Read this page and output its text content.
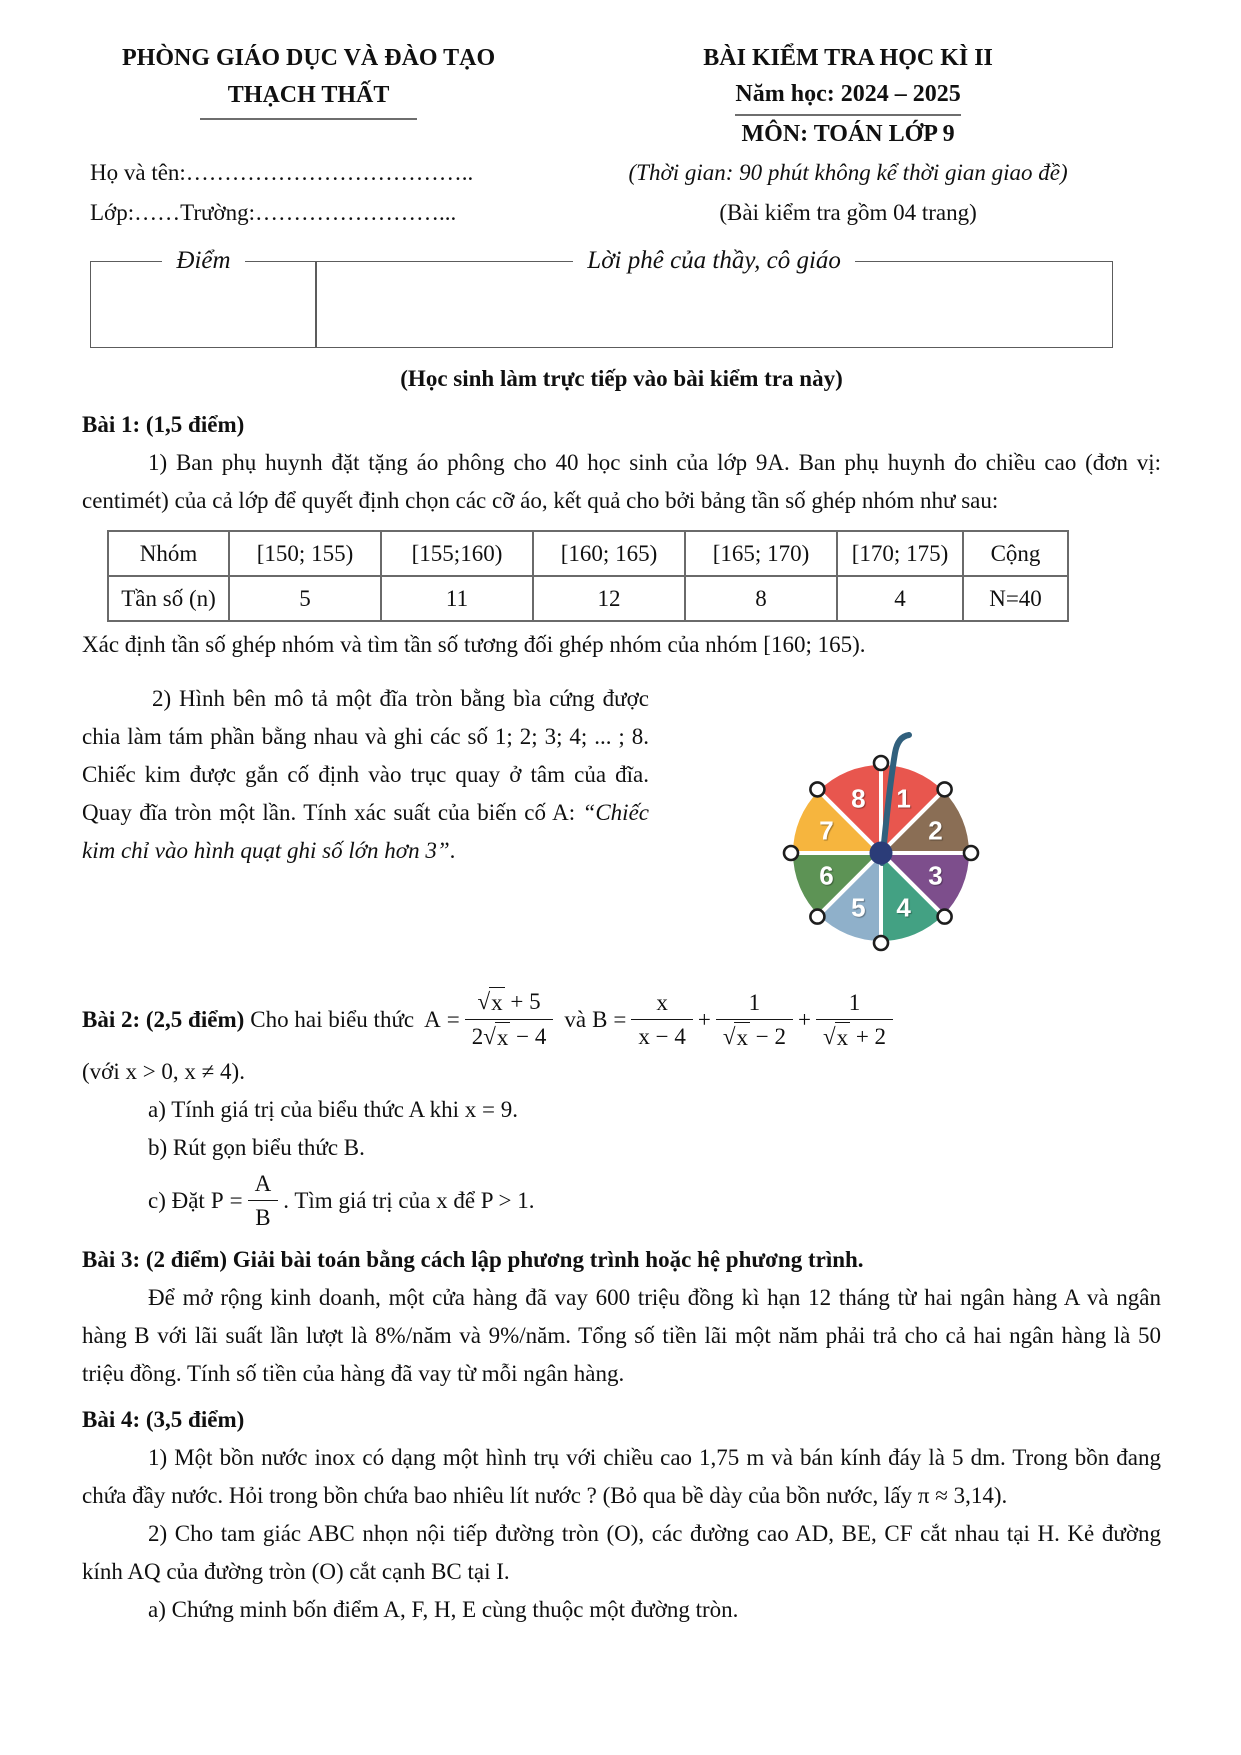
PHÒNG GIÁO DỤC VÀ ĐÀO TẠO
THẠCH THẤT
BÀI KIỂM TRA HỌC KÌ II
Năm học: 2024 – 2025
MÔN: TOÁN LỚP 9
Họ và tên:………………………………..	(Thời gian: 90 phút không kể thời gian giao đề)
Lớp:……Trường:……………………...	(Bài kiểm tra gồm 04 trang)
Điểm	Lời phê của thầy, cô giáo
(Học sinh làm trực tiếp vào bài kiểm tra này)
Bài 1: (1,5 điểm)
1) Ban phụ huynh đặt tặng áo phông cho 40 học sinh của lớp 9A. Ban phụ huynh đo chiều cao (đơn vị: centimét) của cả lớp để quyết định chọn các cỡ áo, kết quả cho bởi bảng tần số ghép nhóm như sau:
Nhóm	[150; 155)	[155;160)	[160; 165)	[165; 170)	[170; 175)	Cộng
Tần số (n)	5	11	12	8	4	N=40
Xác định tần số ghép nhóm và tìm tần số tương đối ghép nhóm của nhóm [160; 165).
2) Hình bên mô tả một đĩa tròn bằng bìa cứng được chia làm tám phần bằng nhau và ghi các số 1; 2; 3; 4; ... ; 8. Chiếc kim được gắn cố định vào trục quay ở tâm của đĩa. Quay đĩa tròn một lần. Tính xác suất của biến cố A: “Chiếc kim chỉ vào hình quạt ghi số lớn hơn 3”.
1
2
3
4
5
6
7
8
Bài 2: (2,5 điểm) Cho hai biểu thức $A = \frac{√ x + 5}{2 √ x - 4}$ và $B = \frac{x}{x - 4} + \frac{1}{√ x - 2} + \frac{1}{√ x + 2}$
(với x > 0, x ≠ 4).
a) Tính giá trị của biểu thức A khi x = 9.
b) Rút gọn biểu thức B.
c) Đặt $P = \frac{A}{B}$ . Tìm giá trị của x để P > 1.
Bài 3: (2 điểm) Giải bài toán bằng cách lập phương trình hoặc hệ phương trình.
Để mở rộng kinh doanh, một cửa hàng đã vay 600 triệu đồng kì hạn 12 tháng từ hai ngân hàng A và ngân hàng B với lãi suất lần lượt là 8%/năm và 9%/năm. Tổng số tiền lãi một năm phải trả cho cả hai ngân hàng là 50 triệu đồng. Tính số tiền của hàng đã vay từ mỗi ngân hàng.
Bài 4: (3,5 điểm)
1) Một bồn nước inox có dạng một hình trụ với chiều cao 1,75 m và bán kính đáy là 5 dm. Trong bồn đang chứa đầy nước. Hỏi trong bồn chứa bao nhiêu lít nước ? (Bỏ qua bề dày của bồn nước, lấy π ≈ 3,14).
2) Cho tam giác ABC nhọn nội tiếp đường tròn (O), các đường cao AD, BE, CF cắt nhau tại H. Kẻ đường kính AQ của đường tròn (O) cắt cạnh BC tại I.
a) Chứng minh bốn điểm A, F, H, E cùng thuộc một đường tròn.
